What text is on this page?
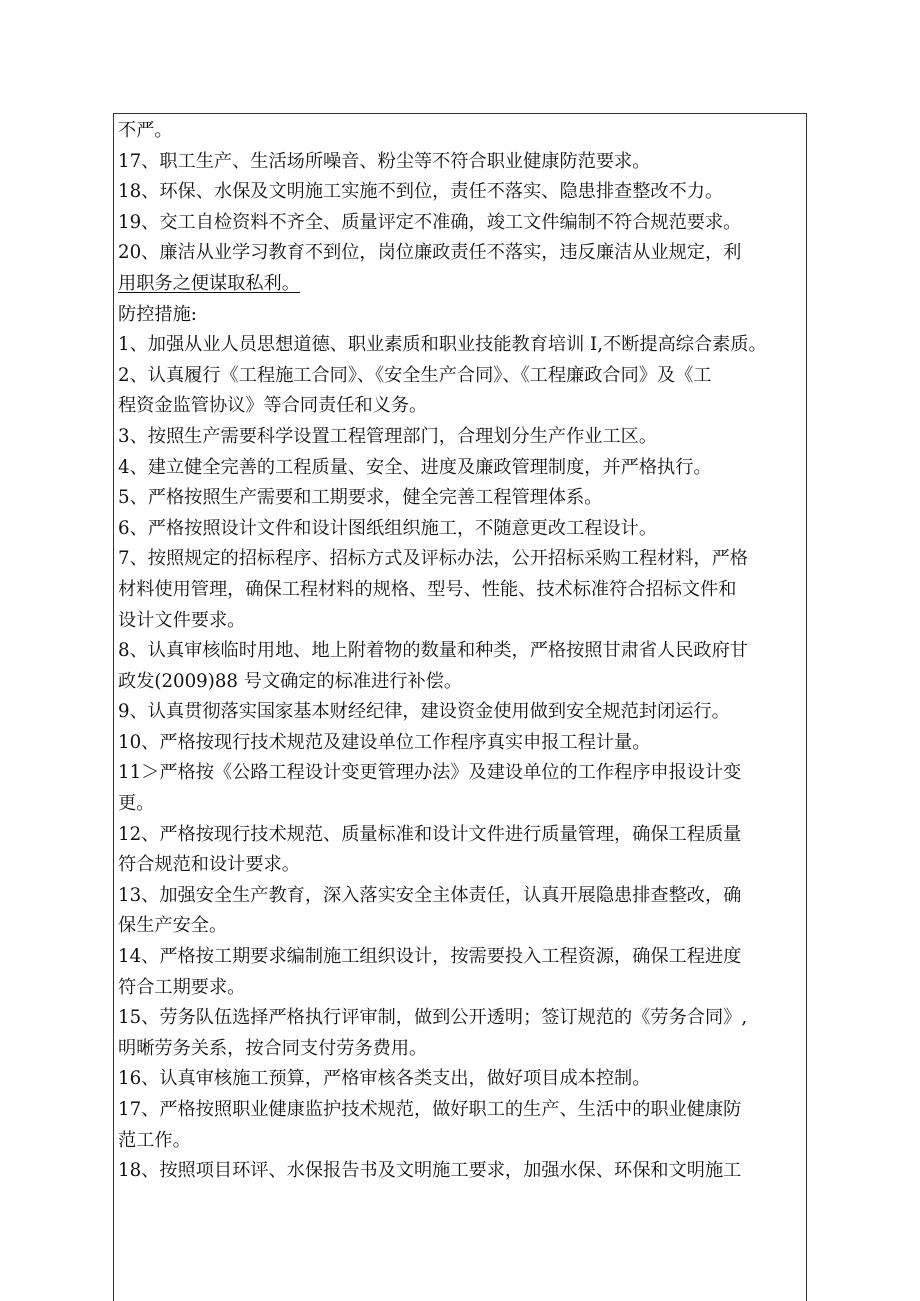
不严。
17、职工生产、生活场所噪音、粉尘等不符合职业健康防范要求。
18、环保、水保及文明施工实施不到位，责任不落实、隐患排查整改不力。
19、交工自检资料不齐全、质量评定不准确，竣工文件编制不符合规范要求。
20、廉洁从业学习教育不到位，岗位廉政责任不落实，违反廉洁从业规定，利
用职务之便谋取私利。
防控措施:
1、加强从业人员思想道德、职业素质和职业技能教育培训 I,不断提高综合素质。
2、认真履行《工程施工合同》、《安全生产合同》、《工程廉政合同》及《工
程资金监管协议》等合同责任和义务。
3、按照生产需要科学设置工程管理部门，合理划分生产作业工区。
4、建立健全完善的工程质量、安全、进度及廉政管理制度，并严格执行。
5、严格按照生产需要和工期要求，健全完善工程管理体系。
6、严格按照设计文件和设计图纸组织施工，不随意更改工程设计。
7、按照规定的招标程序、招标方式及评标办法，公开招标采购工程材料，严格
材料使用管理，确保工程材料的规格、型号、性能、技术标准符合招标文件和
设计文件要求。
8、认真审核临时用地、地上附着物的数量和种类，严格按照甘肃省人民政府甘
政发(2009)88 号文确定的标准进行补偿。
9、认真贯彻落实国家基本财经纪律，建设资金使用做到安全规范封闭运行。
10、严格按现行技术规范及建设单位工作程序真实申报工程计量。
11＞严格按《公路工程设计变更管理办法》及建设单位的工作程序申报设计变
更。
12、严格按现行技术规范、质量标准和设计文件进行质量管理，确保工程质量
符合规范和设计要求。
13、加强安全生产教育，深入落实安全主体责任，认真开展隐患排查整改，确
保生产安全。
14、严格按工期要求编制施工组织设计，按需要投入工程资源，确保工程进度
符合工期要求。
15、劳务队伍选择严格执行评审制，做到公开透明；签订规范的《劳务合同》,
明晰劳务关系，按合同支付劳务费用。
16、认真审核施工预算，严格审核各类支出，做好项目成本控制。
17、严格按照职业健康监护技术规范，做好职工的生产、生活中的职业健康防
范工作。
18、按照项目环评、水保报告书及文明施工要求，加强水保、环保和文明施工
